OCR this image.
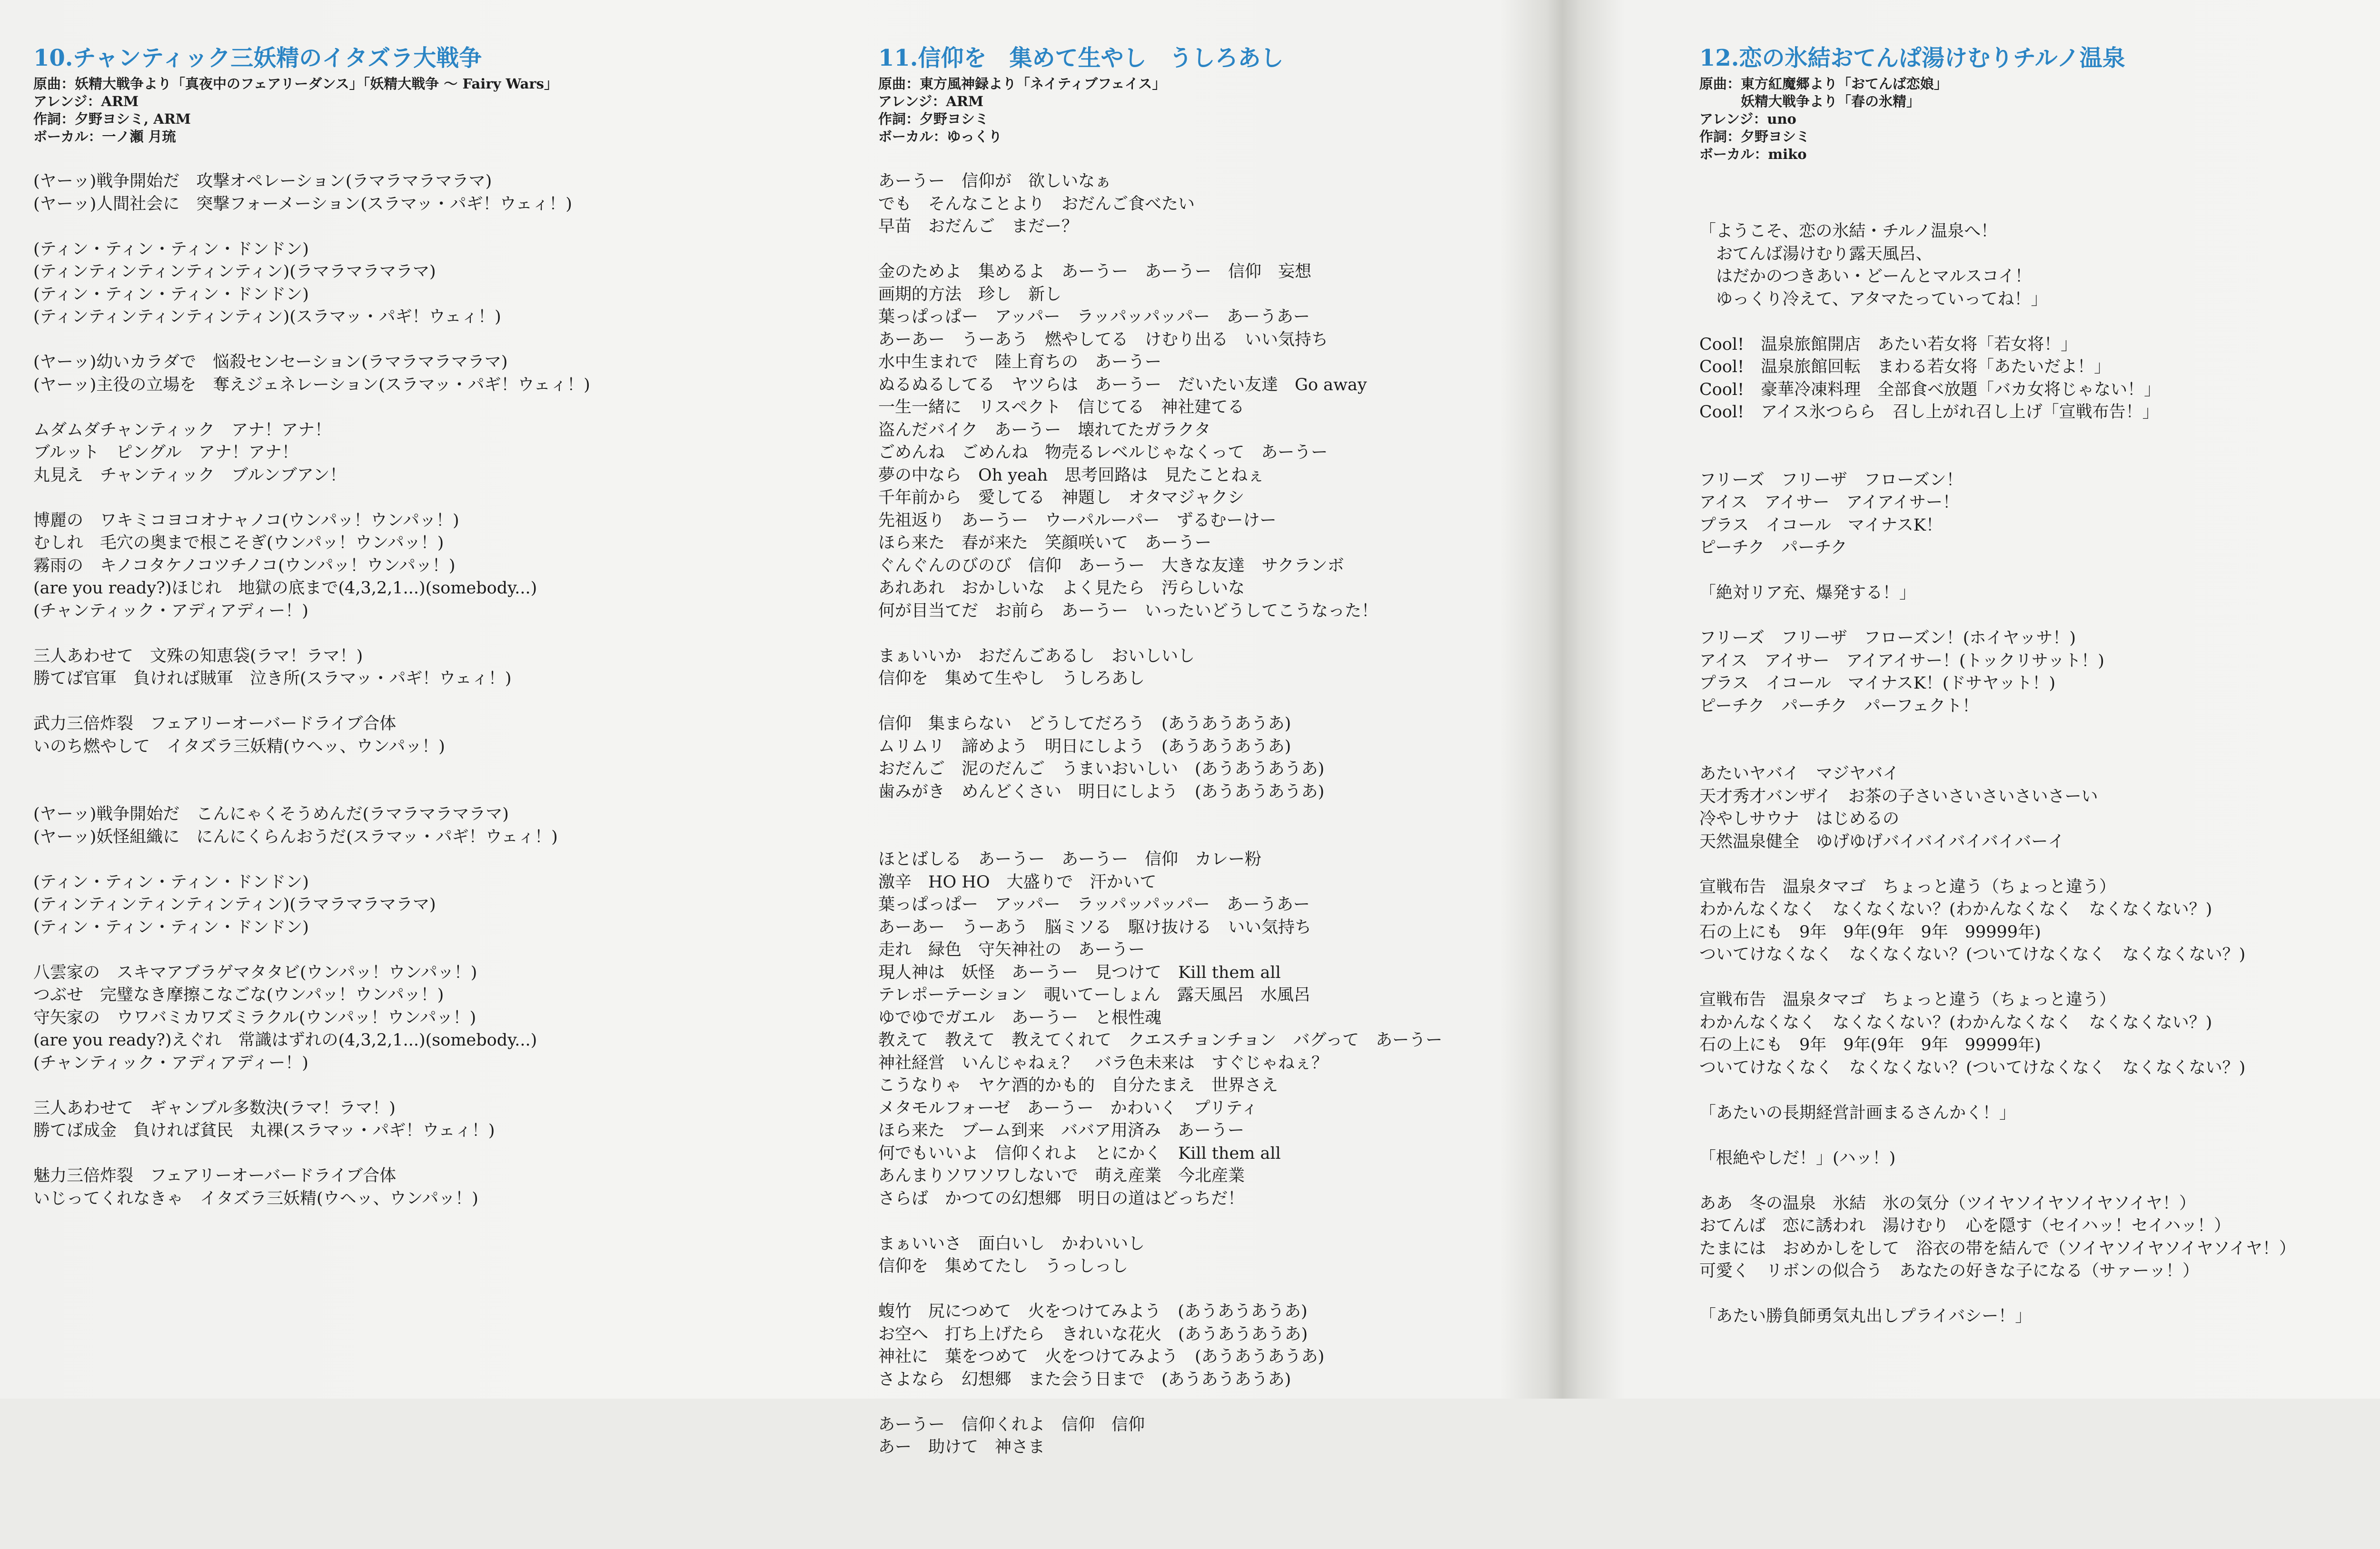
10.チャンティック三妖精のイタズラ大戦争
原曲：妖精大戦争より「真夜中のフェアリーダンス」「妖精大戦争 〜 Fairy Wars」
アレンジ：ARM
作詞：夕野ヨシミ, ARM
ボーカル：一ノ瀬 月琉
(ヤーッ)戦争開始だ　攻撃オペレーション(ラマラマラマラマ)
(ヤーッ)人間社会に　突撃フォーメーション(スラマッ・パギ！ウェィ！)
(ティン・ティン・ティン・ドンドン)
(ティンティンティンティンティン)(ラマラマラマラマ)
(ティン・ティン・ティン・ドンドン)
(ティンティンティンティンティン)(スラマッ・パギ！ウェィ！)
(ヤーッ)幼いカラダで　悩殺センセーション(ラマラマラマラマ)
(ヤーッ)主役の立場を　奪えジェネレーション(スラマッ・パギ！ウェィ！)
ムダムダチャンティック　アナ！アナ！
ブルット　ピングル　アナ！アナ！
丸見え　チャンティック　ブルンブアン！
博麗の　ワキミコヨコオナャノコ(ウンパッ！ウンパッ！)
むしれ　毛穴の奥まで根こそぎ(ウンパッ！ウンパッ！)
霧雨の　キノコタケノコツチノコ(ウンパッ！ウンパッ！)
(are you ready?)ほじれ　地獄の底まで(4,3,2,1...)(somebody...)
(チャンティック・アディアディー！)
三人あわせて　文殊の知恵袋(ラマ！ラマ！)
勝てば官軍　負ければ賊軍　泣き所(スラマッ・パギ！ウェィ！)
武力三倍炸裂　フェアリーオーバードライブ合体
いのち燃やして　イタズラ三妖精(ウヘッ、ウンパッ！)
(ヤーッ)戦争開始だ　こんにゃくそうめんだ(ラマラマラマラマ)
(ヤーッ)妖怪組織に　にんにくらんおうだ(スラマッ・パギ！ウェィ！)
(ティン・ティン・ティン・ドンドン)
(ティンティンティンティンティン)(ラマラマラマラマ)
(ティン・ティン・ティン・ドンドン)
八雲家の　スキマアブラゲマタタビ(ウンパッ！ウンパッ！)
つぶせ　完璧なき摩擦こなごな(ウンパッ！ウンパッ！)
守矢家の　ウワバミカワズミラクル(ウンパッ！ウンパッ！)
(are you ready?)えぐれ　常識はずれの(4,3,2,1...)(somebody...)
(チャンティック・アディアディー！)
三人あわせて　ギャンブル多数決(ラマ！ラマ！)
勝てば成金　負ければ貧民　丸裸(スラマッ・パギ！ウェィ！)
魅力三倍炸裂　フェアリーオーバードライブ合体
いじってくれなきゃ　イタズラ三妖精(ウヘッ、ウンパッ！)
11.信仰を　集めて生やし　うしろあし
原曲：東方風神録より「ネイティブフェイス」
アレンジ：ARM
作詞：夕野ヨシミ
ボーカル：ゆっくり
あーうー　信仰が　欲しいなぁ
でも　そんなことより　おだんご食べたい
早苗　おだんご　まだー？
金のためよ　集めるよ　あーうー　あーうー　信仰　妄想
画期的方法　珍し　新し
葉っぱっぱー　アッパー　ラッパッパッパー　あーうあー
あーあー　うーあう　燃やしてる　けむり出る　いい気持ち
水中生まれで　陸上育ちの　あーうー
ぬるぬるしてる　ヤツらは　あーうー　だいたい友達　Go away
一生一緒に　リスペクト　信じてる　神社建てる
盗んだバイク　あーうー　壊れてたガラクタ
ごめんね　ごめんね　物売るレベルじゃなくって　あーうー
夢の中なら　Oh yeah　思考回路は　見たことねぇ
千年前から　愛してる　神題し　オタマジャクシ
先祖返り　あーうー　ウーパルーパー　ずるむーけー
ほら来た　春が来た　笑顔咲いて　あーうー
ぐんぐんのびのび　信仰　あーうー　大きな友達　サクランボ
あれあれ　おかしいな　よく見たら　汚らしいな
何が目当てだ　お前ら　あーうー　いったいどうしてこうなった！
まぁいいか　おだんごあるし　おいしいし
信仰を　集めて生やし　うしろあし
信仰　集まらない　どうしてだろう　(あうあうあうあ)
ムリムリ　諦めよう　明日にしよう　(あうあうあうあ)
おだんご　泥のだんご　うまいおいしい　(あうあうあうあ)
歯みがき　めんどくさい　明日にしよう　(あうあうあうあ)
ほとばしる　あーうー　あーうー　信仰　カレー粉
激辛　HO HO　大盛りで　汗かいて
葉っぱっぱー　アッパー　ラッパッパッパー　あーうあー
あーあー　うーあう　脳ミソる　駆け抜ける　いい気持ち
走れ　緑色　守矢神社の　あーうー
現人神は　妖怪　あーうー　見つけて　Kill them all
テレポーテーション　覗いてーしょん　露天風呂　水風呂
ゆでゆでガエル　あーうー　と根性魂
教えて　教えて　教えてくれて　クエスチョンチョン　バグって　あーうー
神社経営　いんじゃねぇ？　バラ色未来は　すぐじゃねぇ？
こうなりゃ　ヤケ酒的かも的　自分たまえ　世界さえ
メタモルフォーゼ　あーうー　かわいく　プリティ
ほら来た　ブーム到来　ババア用済み　あーうー
何でもいいよ　信仰くれよ　とにかく　Kill them all
あんまりソワソワしないで　萌え産業　今北産業
さらば　かつての幻想郷　明日の道はどっちだ！
まぁいいさ　面白いし　かわいいし
信仰を　集めてたし　うっしっし
蝮竹　尻につめて　火をつけてみよう　(あうあうあうあ)
お空へ　打ち上げたら　きれいな花火　(あうあうあうあ)
神社に　葉をつめて　火をつけてみよう　(あうあうあうあ)
さよなら　幻想郷　また会う日まで　(あうあうあうあ)
あーうー　信仰くれよ　信仰　信仰
あー　助けて　神さま
12.恋の氷結おてんぱ湯けむりチルノ温泉
原曲：東方紅魔郷より「おてんば恋娘」
　　　妖精大戦争より「春の氷精」
アレンジ：uno
作詞：夕野ヨシミ
ボーカル：miko
「ようこそ、恋の氷結・チルノ温泉へ！
　おてんば湯けむり露天風呂、
　はだかのつきあい・どーんとマルスコイ！
　ゆっくり冷えて、アタマたっていってね！」
Cool!　温泉旅館開店　あたい若女将「若女将！」
Cool!　温泉旅館回転　まわる若女将「あたいだよ！」
Cool!　豪華冷凍料理　全部食べ放題「バカ女将じゃない！」
Cool!　アイス氷つらら　召し上がれ召し上げ「宣戦布告！」
フリーズ　フリーザ　フローズン！
アイス　アイサー　アイアイサー！
プラス　イコール　マイナスK！
ピーチク　パーチク
「絶対リア充、爆発する！」
フリーズ　フリーザ　フローズン！(ホイヤッサ！)
アイス　アイサー　アイアイサー！(トックリサット！)
プラス　イコール　マイナスK！(ドサヤット！)
ピーチク　パーチク　パーフェクト！
あたいヤバイ　マジヤバイ
天才秀才バンザイ　お茶の子さいさいさいさいさーい
冷やしサウナ　はじめるの
天然温泉健全　ゆげゆげバイバイバイバイバーイ
宣戦布告　温泉タマゴ　ちょっと違う（ちょっと違う）
わかんなくなく　なくなくない？(わかんなくなく　なくなくない？)
石の上にも　9年　9年(9年　9年　99999年)
ついてけなくなく　なくなくない？(ついてけなくなく　なくなくない？)
宣戦布告　温泉タマゴ　ちょっと違う（ちょっと違う）
わかんなくなく　なくなくない？(わかんなくなく　なくなくない？)
石の上にも　9年　9年(9年　9年　99999年)
ついてけなくなく　なくなくない？(ついてけなくなく　なくなくない？)
「あたいの長期経営計画まるさんかく！」
「根絶やしだ！」(ハッ！)
ああ　冬の温泉　氷結　氷の気分（ツイヤソイヤソイヤソイヤ！）
おてんば　恋に誘われ　湯けむり　心を隠す（セイハッ！セイハッ！）
たまには　おめかしをして　浴衣の帯を結んで（ソイヤソイヤソイヤソイヤ！）
可愛く　リボンの似合う　あなたの好きな子になる（サァーッ！）
「あたい勝負師勇気丸出しプライバシー！」
